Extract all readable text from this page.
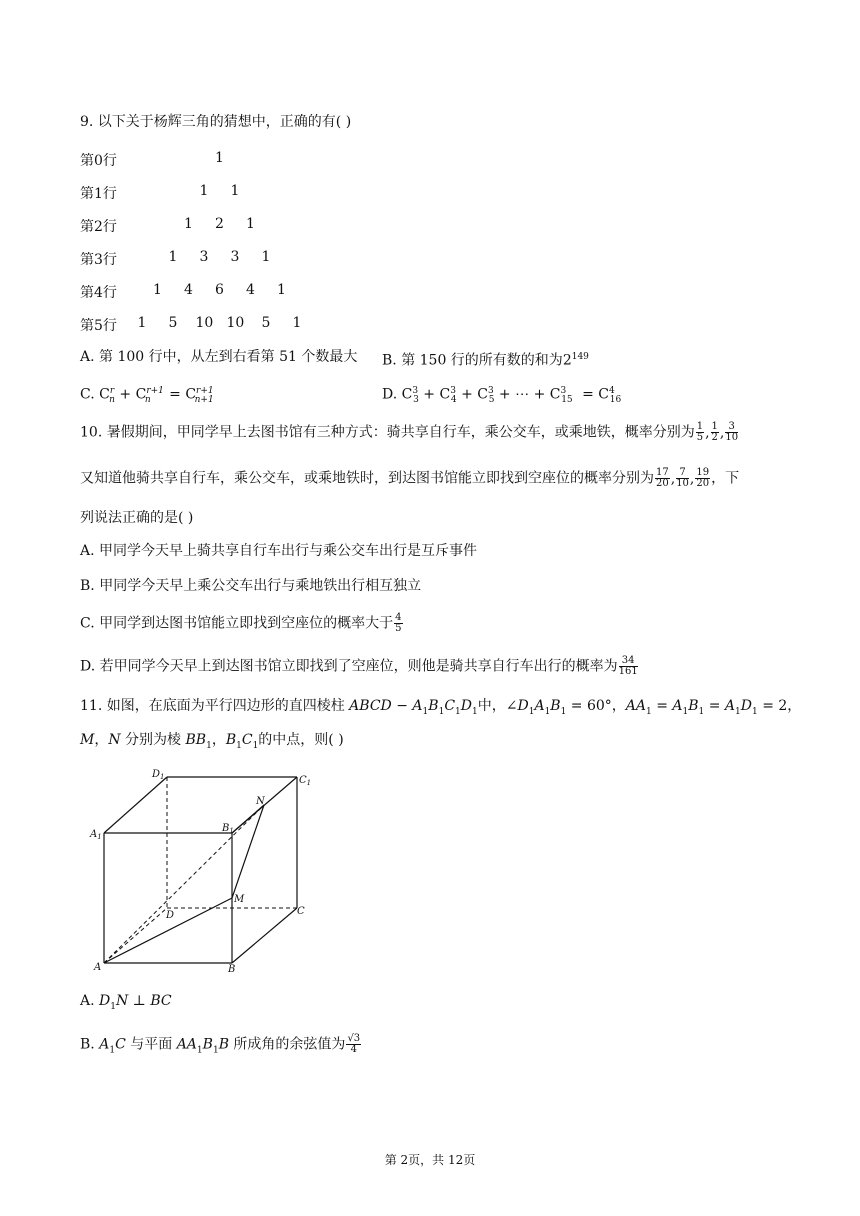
9. 以下关于杨辉三角的猜想中，正确的有( )
第0行	1
第1行	1 1
第2行	1 2 1
第3行	1 3 3 1
第4行	1 4 6 4 1
第5行 1 5 10 10 5 1
A. 第 100 行中，从左到右看第 51 个数最大 B. 第 150 行的所有数的和为$2^{149}$
C. $C^r_n + C^{r+1}_n = C^{r+1}_{n+1}$	D. $C^3_3 + C^3_4 + C^3_5$ + ⋯ + $C^3_{15} = C^4_{16}$
10. 暑假期间，甲同学早上去图书馆有三种方式：骑共享自行车，乘公交车，或乘地铁，概率分别为 $\frac{1}{5}$ , $\frac{1}{2}$ , $\frac{3}{10}$
又知道他骑共享自行车，乘公交车，或乘地铁时，到达图书馆能立即找到空座位的概率分别为 $\frac{17}{20}$ , $\frac{7}{10}$ , $\frac{19}{20}$ ，下
列说法正确的是( )
A. 甲同学今天早上骑共享自行车出行与乘公交车出行是互斥事件
B. 甲同学今天早上乘公交车出行与乘地铁出行相互独立
C. 甲同学到达图书馆能立即找到空座位的概率大于 $\frac{4}{5}$
D. 若甲同学今天早上到达图书馆立即找到了空座位，则他是骑共享自行车出行的概率为 $\frac{34}{161}$
11. 如图，在底面为平行四边形的直四棱柱 ABCD − $A_1B_1C_1D_1$中，$\angle D_1A_1B_1 = 60^\circ$，$AA_1 = A_1B_1 = A_1D_1 = 2$，
M，N 分别为棱 $BB_1$，$B_1C_1$的中点，则( )
$D_1$	$C_1$
$A_1$
$B_1$
N
M
D	C
A	B
A. $D_1N$ ⊥ BC
B. $A_1C$ 与平面 $AA_1B_1B$ 所成角的余弦值为 $\frac{√3}{4}$
第 2页，共 12页
